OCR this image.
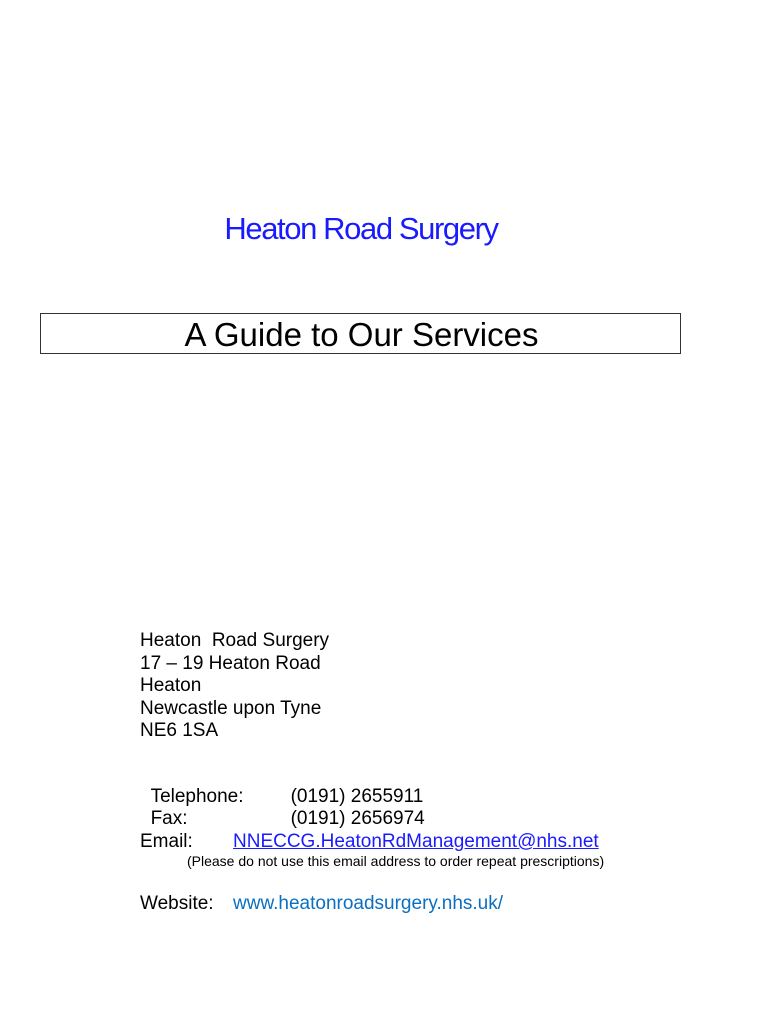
Heaton Road Surgery
A Guide to Our Services
Heaton  Road Surgery
17 – 19 Heaton Road
Heaton
Newcastle upon Tyne
NE6 1SA

Telephone: (0191) 2655911

Fax:	(0191) 2656974

Email: NNECCG.HeatonRdManagement@nhs.net
(Please do not use this email address to order repeat prescriptions)
Website: www.heatonroadsurgery.nhs.uk/
